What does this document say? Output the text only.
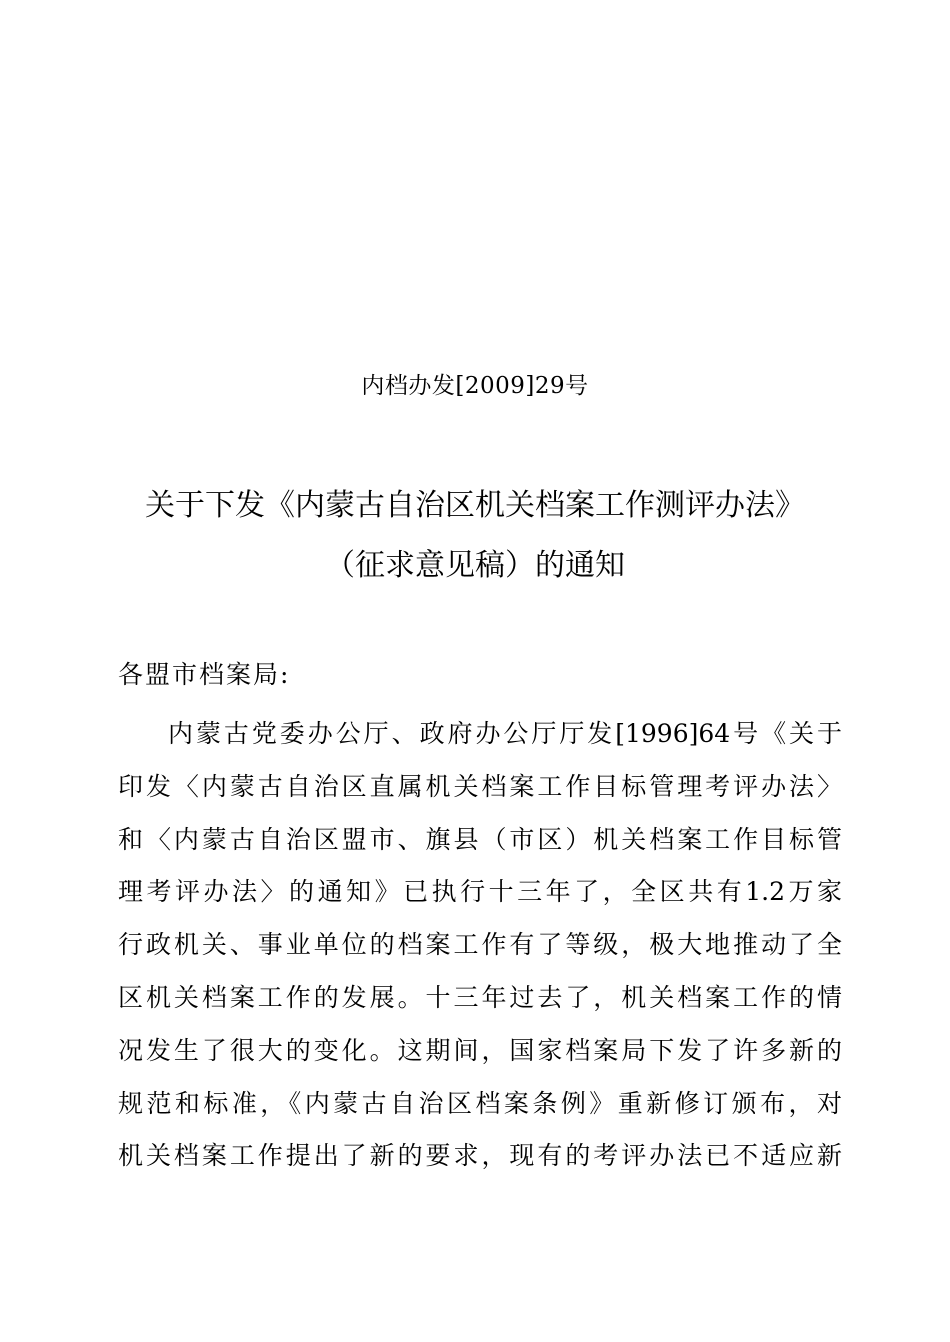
内档办发[2009]29号
关于下发《内蒙古自治区机关档案工作测评办法》
（征求意见稿）的通知
各盟市档案局:
内蒙古党委办公厅、政府办公厅厅发[1996]64号《关于
印发〈内蒙古自治区直属机关档案工作目标管理考评办法〉
和〈内蒙古自治区盟市、旗县（市区）机关档案工作目标管
理考评办法〉的通知》已执行十三年了，全区共有1.2万家
行政机关、事业单位的档案工作有了等级，极大地推动了全
区机关档案工作的发展。十三年过去了，机关档案工作的情
况发生了很大的变化。这期间，国家档案局下发了许多新的
规范和标准，《内蒙古自治区档案条例》重新修订颁布，对
机关档案工作提出了新的要求，现有的考评办法已不适应新
